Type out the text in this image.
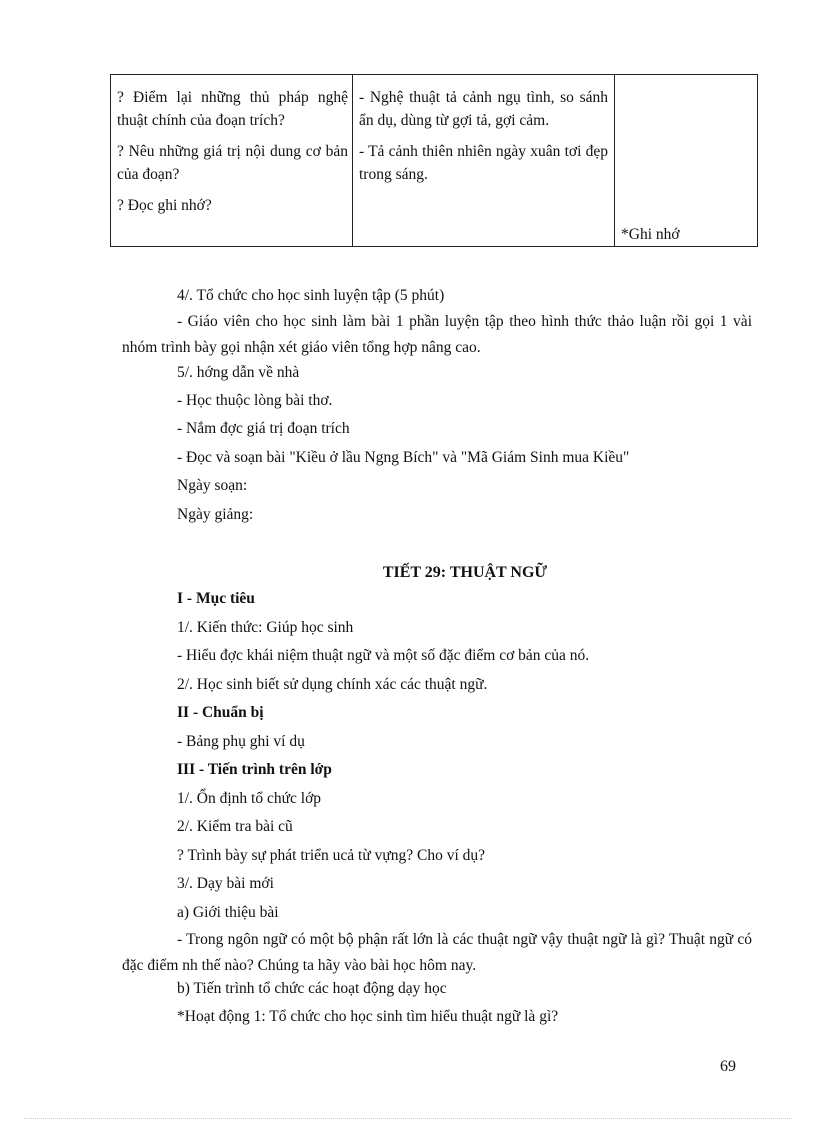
? Điểm lại những thủ pháp nghệ thuật chính của đoạn trích?

? Nêu những giá trị nội dung cơ bản của đoạn?

? Đọc ghi nhớ?

- Nghệ thuật tả cảnh ngụ tình, so sánh ẩn dụ, dùng từ gợi tả, gợi cảm.

- Tả cảnh thiên nhiên ngày xuân tơi đẹp trong sáng.

*Ghi nhớ
4/. Tổ chức cho học sinh luyện tập (5 phút)
- Giáo viên cho học sinh làm bài 1 phần luyện tập theo hình thức thảo luận rồi gọi 1 vài nhóm trình bày gọi nhận xét giáo viên tổng hợp nâng cao.
5/. hớng dẫn về nhà
- Học thuộc lòng bài thơ.
- Nắm đợc giá trị đoạn trích
- Đọc và soạn bài "Kiều ở lầu Ngng Bích" và "Mã Giám Sinh mua Kiều"
Ngày soạn:
Ngày giảng:
TIẾT 29: THUẬT NGỮ
I - Mục tiêu
1/. Kiến thức: Giúp học sinh
- Hiểu đợc khái niệm thuật ngữ và một số đặc điểm cơ bản của nó.
2/. Học sinh biết sử dụng chính xác các thuật ngữ.
II - Chuẩn bị
- Bảng phụ ghi ví dụ
III - Tiến trình trên lớp
1/. Ổn định tổ chức lớp
2/. Kiểm tra bài cũ
? Trình bày sự phát triển ucả từ vựng? Cho ví dụ?
3/. Dạy bài mới
a) Giới thiệu bài
- Trong ngôn ngữ có một bộ phận rất lớn là các thuật ngữ vậy thuật ngữ là gì? Thuật ngữ có đặc điểm nh thế nào? Chúng ta hãy vào bài học hôm nay.
b) Tiến trình tổ chức các hoạt động dạy học
*Hoạt động 1: Tổ chức cho học sinh tìm hiểu thuật ngữ là gì?
69
